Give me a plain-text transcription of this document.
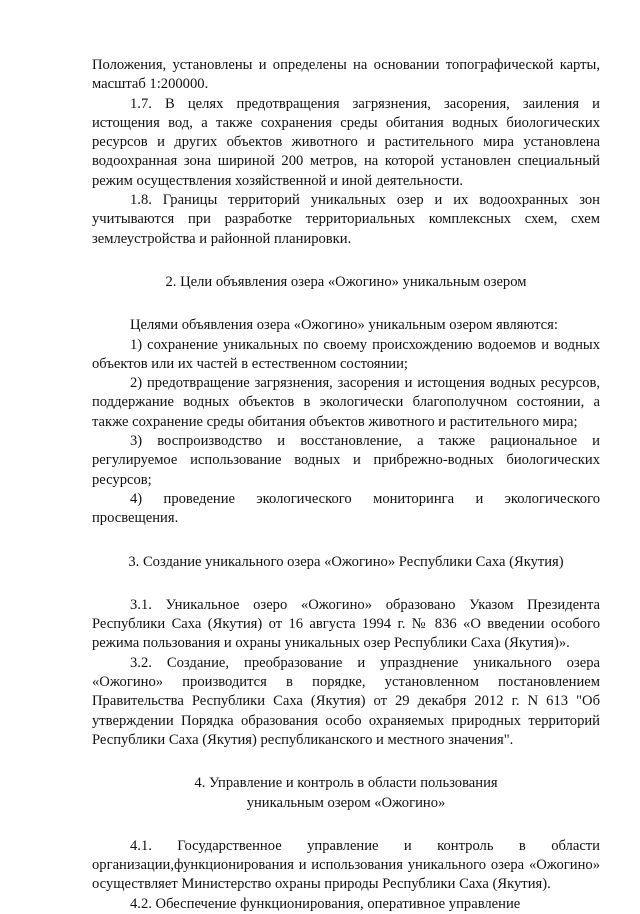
Положения, установлены и определены на основании топографической карты, масштаб 1:200000.

1.7. В целях предотвращения загрязнения, засорения, заиления и истощения вод, а также сохранения среды обитания водных биологических ресурсов и других объектов животного и растительного мира установлена водоохранная зона шириной 200 метров, на которой установлен специальный режим осуществления хозяйственной и иной деятельности.

1.8. Границы территорий уникальных озер и их водоохранных зон учитываются при разработке территориальных комплексных схем, схем землеустройства и районной планировки.

2. Цели объявления озера «Ожогино» уникальным озером

Целями объявления озера «Ожогино» уникальным озером являются:

1) сохранение уникальных по своему происхождению водоемов и водных объектов или их частей в естественном состоянии;

2) предотвращение загрязнения, засорения и истощения водных ресурсов, поддержание водных объектов в экологически благополучном состоянии, а также сохранение среды обитания объектов животного и растительного мира;

3) воспроизводство и восстановление, а также рациональное и регулируемое использование водных и прибрежно-водных биологических ресурсов;

4) проведение экологического мониторинга и экологического просвещения.

3. Создание уникального озера «Ожогино» Республики Саха (Якутия)

3.1. Уникальное озеро «Ожогино» образовано Указом Президента Республики Саха (Якутия) от 16 августа 1994 г. № 836 «О введении особого режима пользования и охраны уникальных озер Республики Саха (Якутия)».

3.2. Создание, преобразование и упразднение уникального озера «Ожогино» производится в порядке, установленном постановлением Правительства Республики Саха (Якутия) от 29 декабря 2012 г. N 613 "Об утверждении Порядка образования особо охраняемых природных территорий Республики Саха (Якутия) республиканского и местного значения".

4. Управление и контроль в области пользования

уникальным озером «Ожогино»

4.1. Государственное управление и контроль в области организации,функционирования и использования уникального озера «Ожогино» осуществляет Министерство охраны природы Республики Саха (Якутия).

4.2. Обеспечение функционирования, оперативное управление
